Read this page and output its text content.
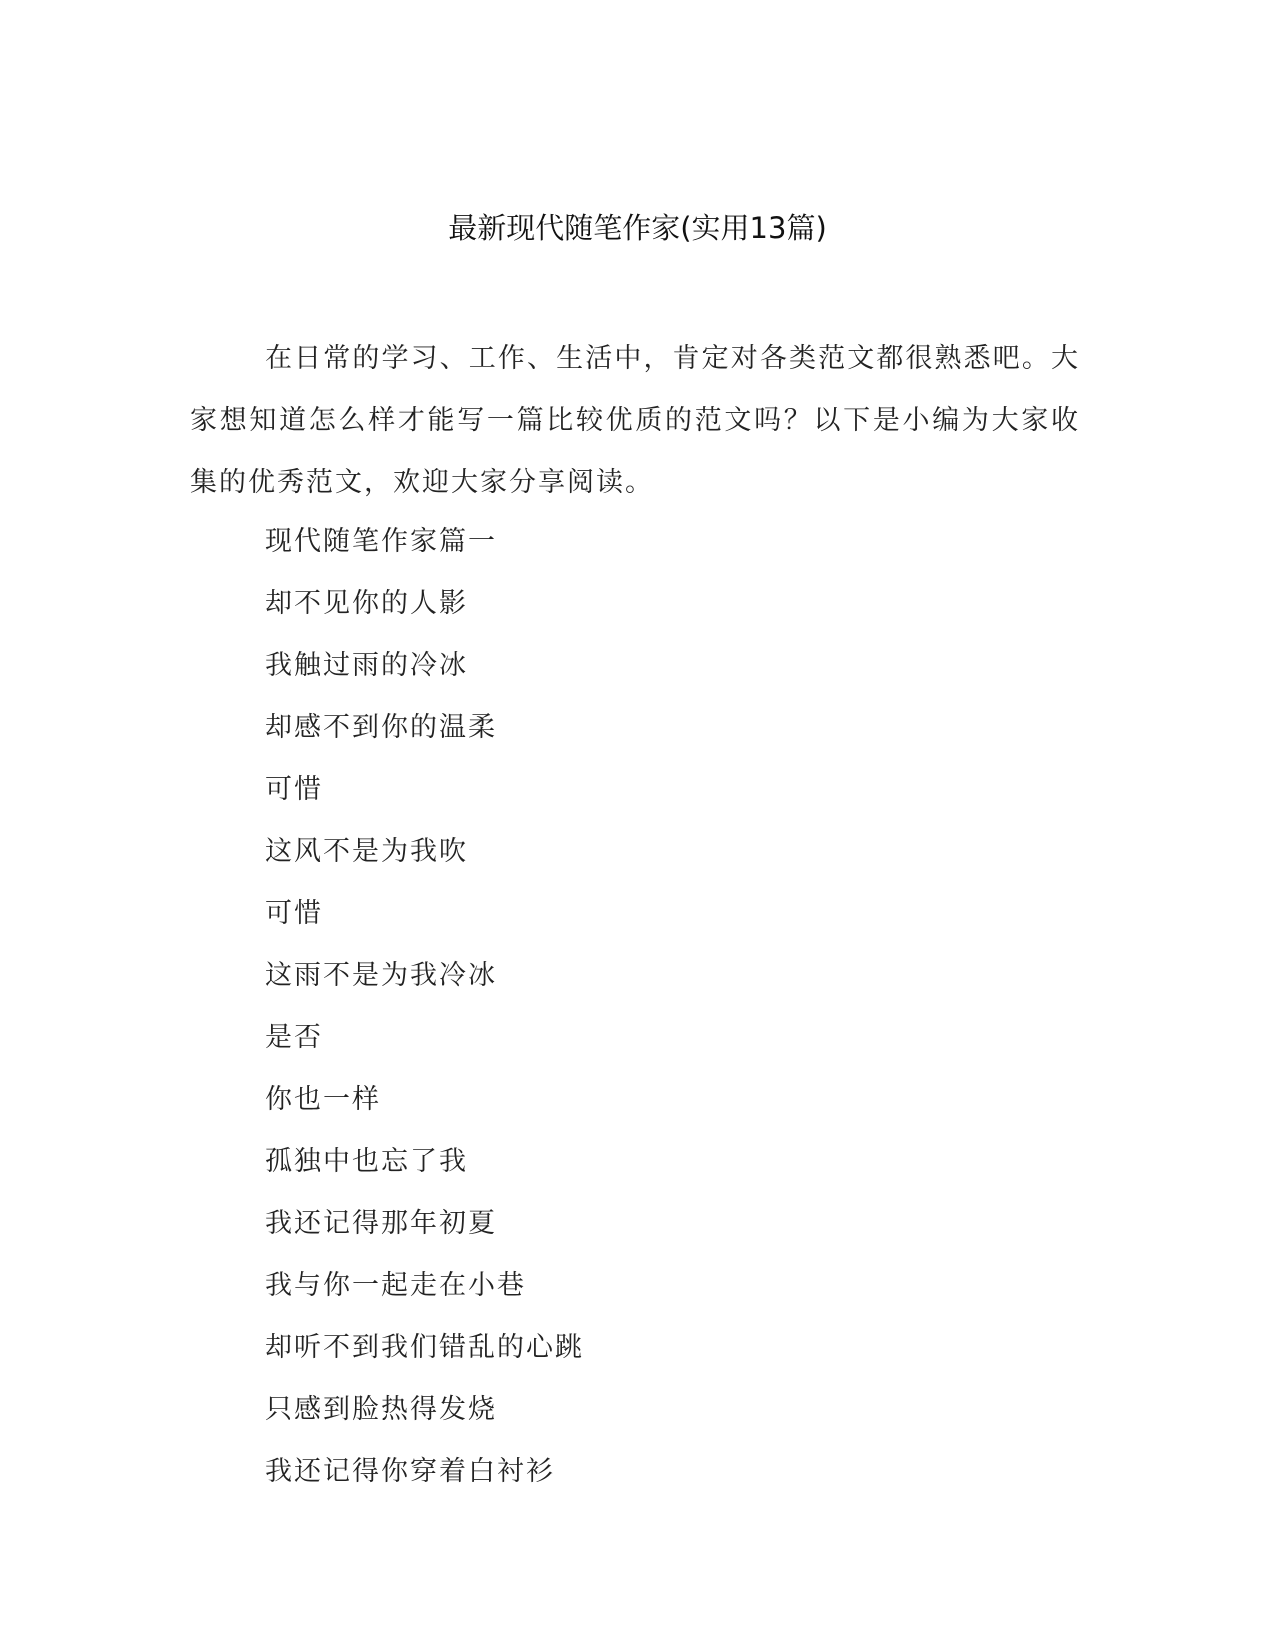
最新现代随笔作家(实用13篇)

在日常的学习、工作、生活中，肯定对各类范文都很熟悉吧。大家想知道怎么样才能写一篇比较优质的范文吗？以下是小编为大家收集的优秀范文，欢迎大家分享阅读。

现代随笔作家篇一
却不见你的人影
我触过雨的冷冰
却感不到你的温柔
可惜
这风不是为我吹
可惜
这雨不是为我冷冰
是否
你也一样
孤独中也忘了我
我还记得那年初夏
我与你一起走在小巷
却听不到我们错乱的心跳
只感到脸热得发烧
我还记得你穿着白衬衫
